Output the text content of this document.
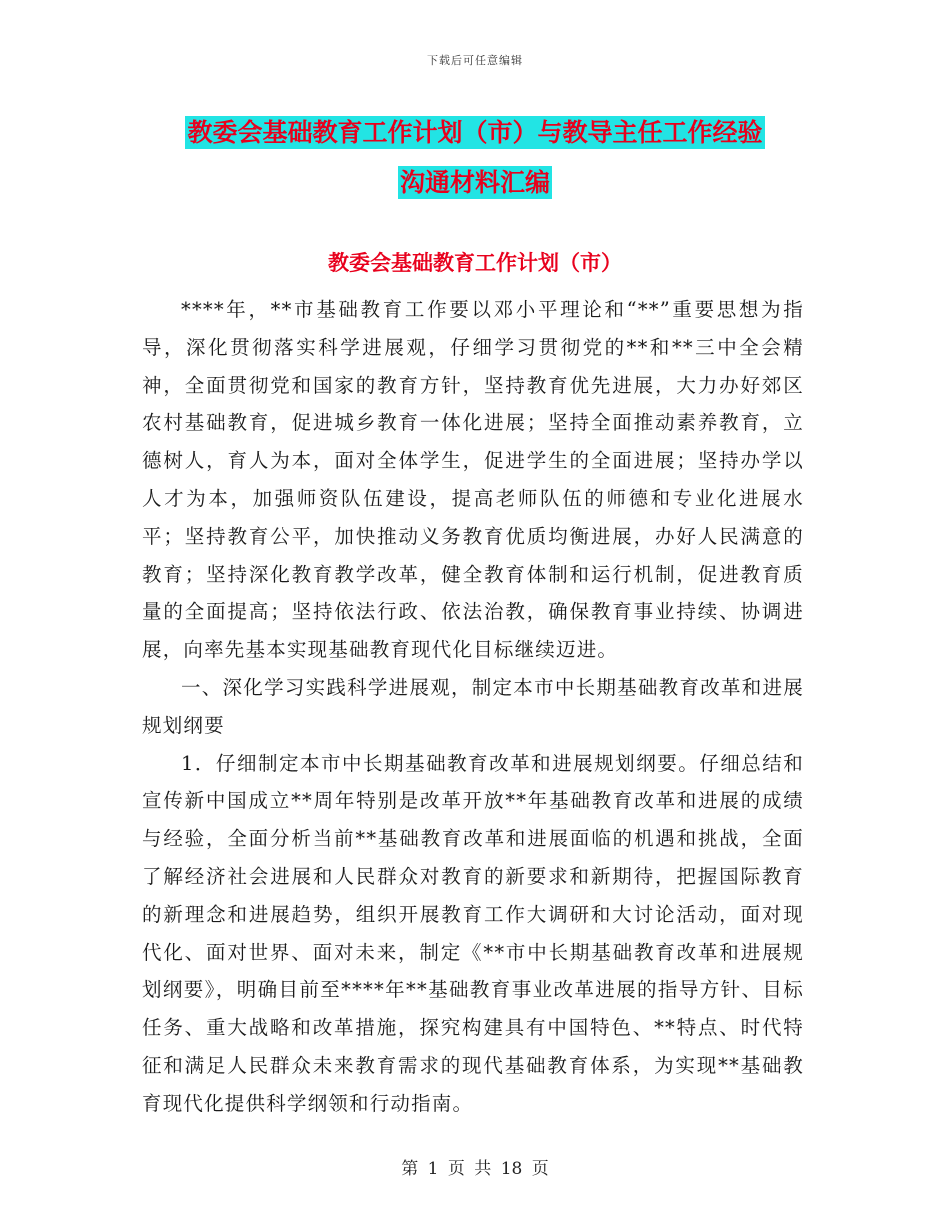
下载后可任意编辑
教委会基础教育工作计划（市）与教导主任工作经验
沟通材料汇编
教委会基础教育工作计划（市）

****年，**市基础教育工作要以邓小平理论和“**”重要思想为指导，深化贯彻落实科学进展观，仔细学习贯彻党的**和**三中全会精神，全面贯彻党和国家的教育方针，坚持教育优先进展，大力办好郊区农村基础教育，促进城乡教育一体化进展；坚持全面推动素养教育，立德树人，育人为本，面对全体学生，促进学生的全面进展；坚持办学以人才为本，加强师资队伍建设，提高老师队伍的师德和专业化进展水平；坚持教育公平，加快推动义务教育优质均衡进展，办好人民满意的教育；坚持深化教育教学改革，健全教育体制和运行机制，促进教育质量的全面提高；坚持依法行政、依法治教，确保教育事业持续、协调进展，向率先基本实现基础教育现代化目标继续迈进。

一、深化学习实践科学进展观，制定本市中长期基础教育改革和进展规划纲要

1．仔细制定本市中长期基础教育改革和进展规划纲要。仔细总结和宣传新中国成立**周年特别是改革开放**年基础教育改革和进展的成绩与经验，全面分析当前**基础教育改革和进展面临的机遇和挑战，全面了解经济社会进展和人民群众对教育的新要求和新期待，把握国际教育的新理念和进展趋势，组织开展教育工作大调研和大讨论活动，面对现代化、面对世界、面对未来，制定《**市中长期基础教育改革和进展规划纲要》，明确目前至****年**基础教育事业改革进展的指导方针、目标任务、重大战略和改革措施，探究构建具有中国特色、**特点、时代特征和满足人民群众未来教育需求的现代基础教育体系，为实现**基础教育现代化提供科学纲领和行动指南。

第 1 页 共 18 页
